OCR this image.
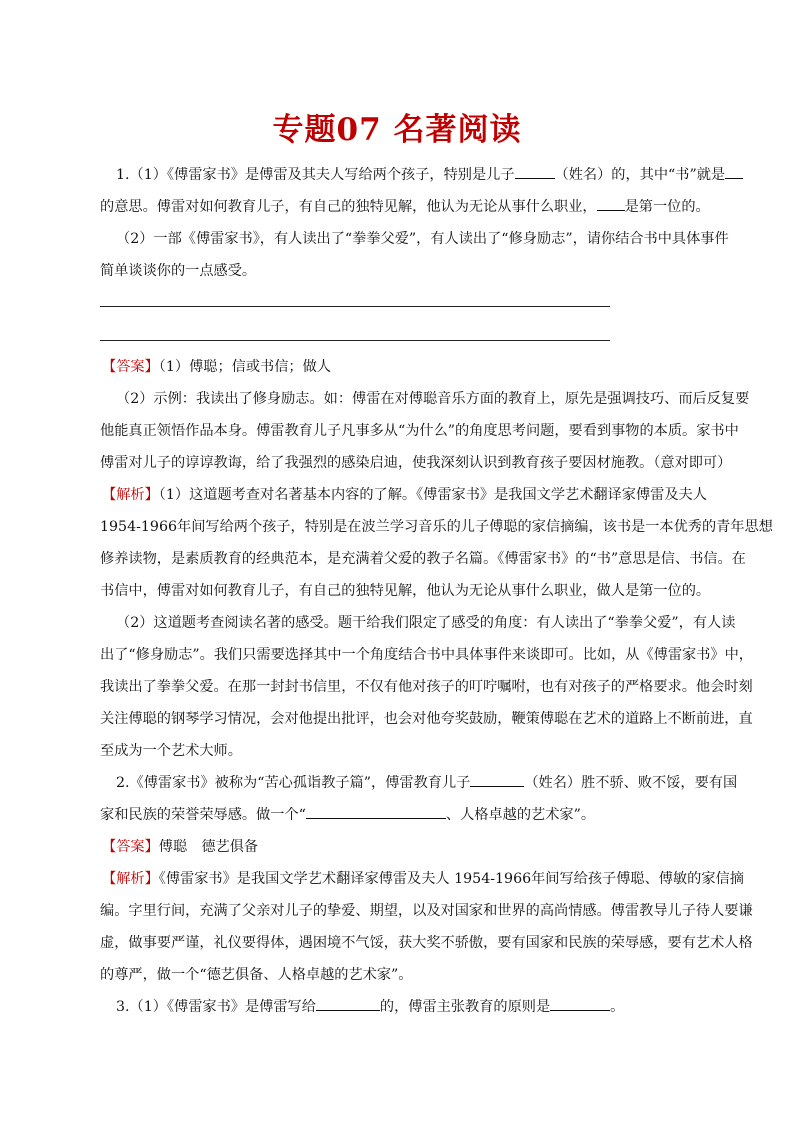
专题07 名著阅读
1.（1）《傅雷家书》是傅雷及其夫人写给两个孩子，特别是儿子	（姓名）的，其中“书”就是
的意思。傅雷对如何教育儿子，有自己的独特见解，他认为无论从事什么职业， 是第一位的。
（2）一部《傅雷家书》，有人读出了“拳拳父爱”，有人读出了“修身励志”，请你结合书中具体事件
简单谈谈你的一点感受。
【答案】（1）傅聪；信或书信；做人
（2）示例：我读出了修身励志。如：傅雷在对傅聪音乐方面的教育上，原先是强调技巧、而后反复要
他能真正领悟作品本身。傅雷教育儿子凡事多从“为什么”的角度思考问题，要看到事物的本质。家书中
傅雷对儿子的谆谆教诲，给了我强烈的感染启迪，使我深刻认识到教育孩子要因材施教。（意对即可）
【解析】（1）这道题考查对名著基本内容的了解。《傅雷家书》是我国文学艺术翻译家傅雷及夫人
1954-1966年间写给两个孩子，特别是在波兰学习音乐的儿子傅聪的家信摘编，该书是一本优秀的青年思想
修养读物，是素质教育的经典范本，是充满着父爱的教子名篇。《傅雷家书》的“书”意思是信、书信。在
书信中，傅雷对如何教育儿子，有自己的独特见解，他认为无论从事什么职业，做人是第一位的。
（2）这道题考查阅读名著的感受。题干给我们限定了感受的角度：有人读出了“拳拳父爱”，有人读
出了“修身励志”。我们只需要选择其中一个角度结合书中具体事件来谈即可。比如，从《傅雷家书》中，
我读出了拳拳父爱。在那一封封书信里，不仅有他对孩子的叮咛嘱咐，也有对孩子的严格要求。他会时刻
关注傅聪的钢琴学习情况，会对他提出批评，也会对他夸奖鼓励，鞭策傅聪在艺术的道路上不断前进，直
至成为一个艺术大师。
2.《傅雷家书》被称为“苦心孤诣教子篇”，傅雷教育儿子	（姓名）胜不骄、败不馁，要有国
家和民族的荣誉荣辱感。做一个“	、人格卓越的艺术家”。
【答案】傅聪　德艺俱备
【解析】《傅雷家书》是我国文学艺术翻译家傅雷及夫人 1954-1966年间写给孩子傅聪、傅敏的家信摘
编。字里行间，充满了父亲对儿子的挚爱、期望，以及对国家和世界的高尚情感。傅雷教导儿子待人要谦
虚，做事要严谨，礼仪要得体，遇困境不气馁，获大奖不骄傲，要有国家和民族的荣辱感，要有艺术人格
的尊严，做一个“德艺俱备、人格卓越的艺术家”。
3.（1）《傅雷家书》是傅雷写给	的，傅雷主张教育的原则是	。
